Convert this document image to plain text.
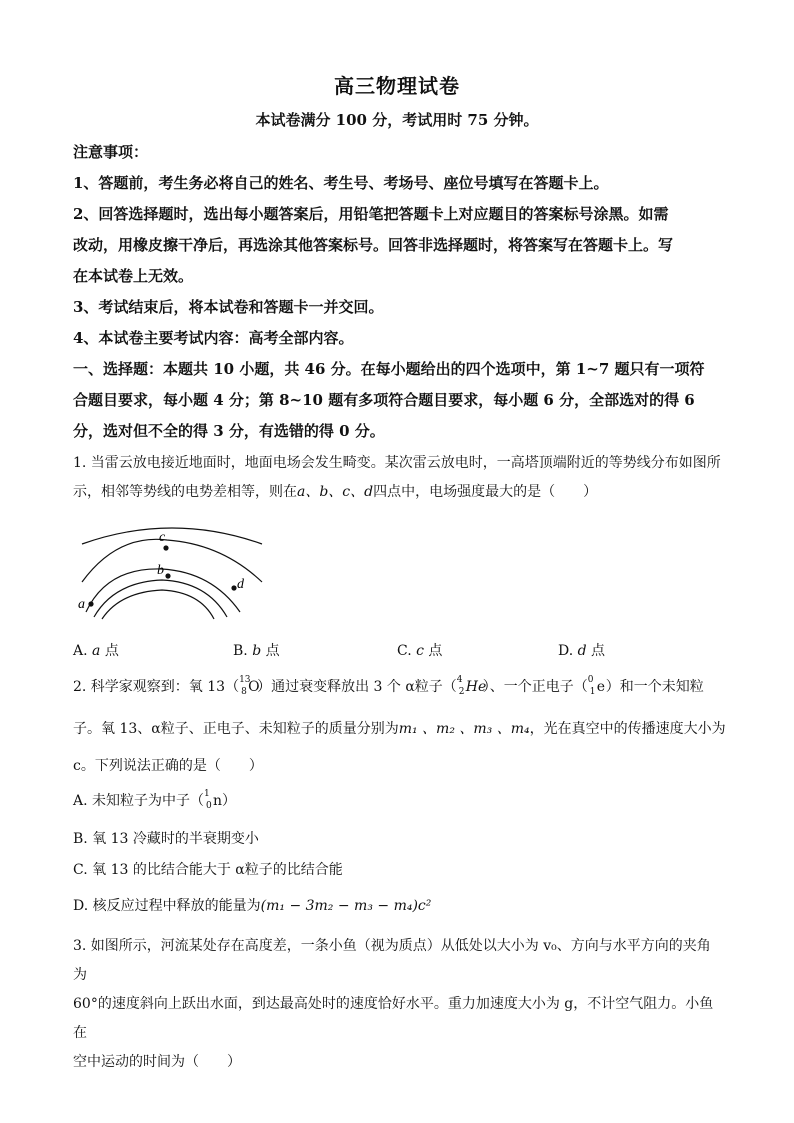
高三物理试卷
本试卷满分 100 分，考试用时 75 分钟。
注意事项：
1、答题前，考生务必将自己的姓名、考生号、考场号、座位号填写在答题卡上。
2、回答选择题时，选出每小题答案后，用铅笔把答题卡上对应题目的答案标号涂黑。如需
改动，用橡皮擦干净后，再选涂其他答案标号。回答非选择题时，将答案写在答题卡上。写
在本试卷上无效。
3、考试结束后，将本试卷和答题卡一并交回。
4、本试卷主要考试内容：高考全部内容。
一、选择题：本题共 10 小题，共 46 分。在每小题给出的四个选项中，第 1~7 题只有一项符
合题目要求，每小题 4 分；第 8~10 题有多项符合题目要求，每小题 6 分，全部选对的得 6
分，选对但不全的得 3 分，有选错的得 0 分。
1. 当雷云放电接近地面时，地面电场会发生畸变。某次雷云放电时，一高塔顶端附近的等势线分布如图所
示，相邻等势线的电势差相等，则在a、b、c、d四点中，电场强度最大的是（　　）
c
b
d
a
A. a 点	B. b 点	C. c 点	D. d 点
2. 科学家观察到：氧 13（ 13
8 O
）通过衰变释放出 3 个 α粒子（ 4
2 He
）、一个正电子（ 0
1 e ）和一个未知粒
子。氧 13、α粒子、正电子、未知粒子的质量分别为m₁ 、m₂ 、m₃ 、m₄，光在真空中的传播速度大小为
c。下列说法正确的是（　　）
A. 未知粒子为中子（ 1
0 n ）
B. 氧 13 冷藏时的半衰期变小
C. 氧 13 的比结合能大于 α粒子的比结合能
D. 核反应过程中释放的能量为(m₁ − 3m₂ − m₃ − m₄)c²
3. 如图所示，河流某处存在高度差，一条小鱼（视为质点）从低处以大小为 v₀、方向与水平方向的夹角为
60°的速度斜向上跃出水面，到达最高处时的速度恰好水平。重力加速度大小为 g，不计空气阻力。小鱼在
空中运动的时间为（　　）
